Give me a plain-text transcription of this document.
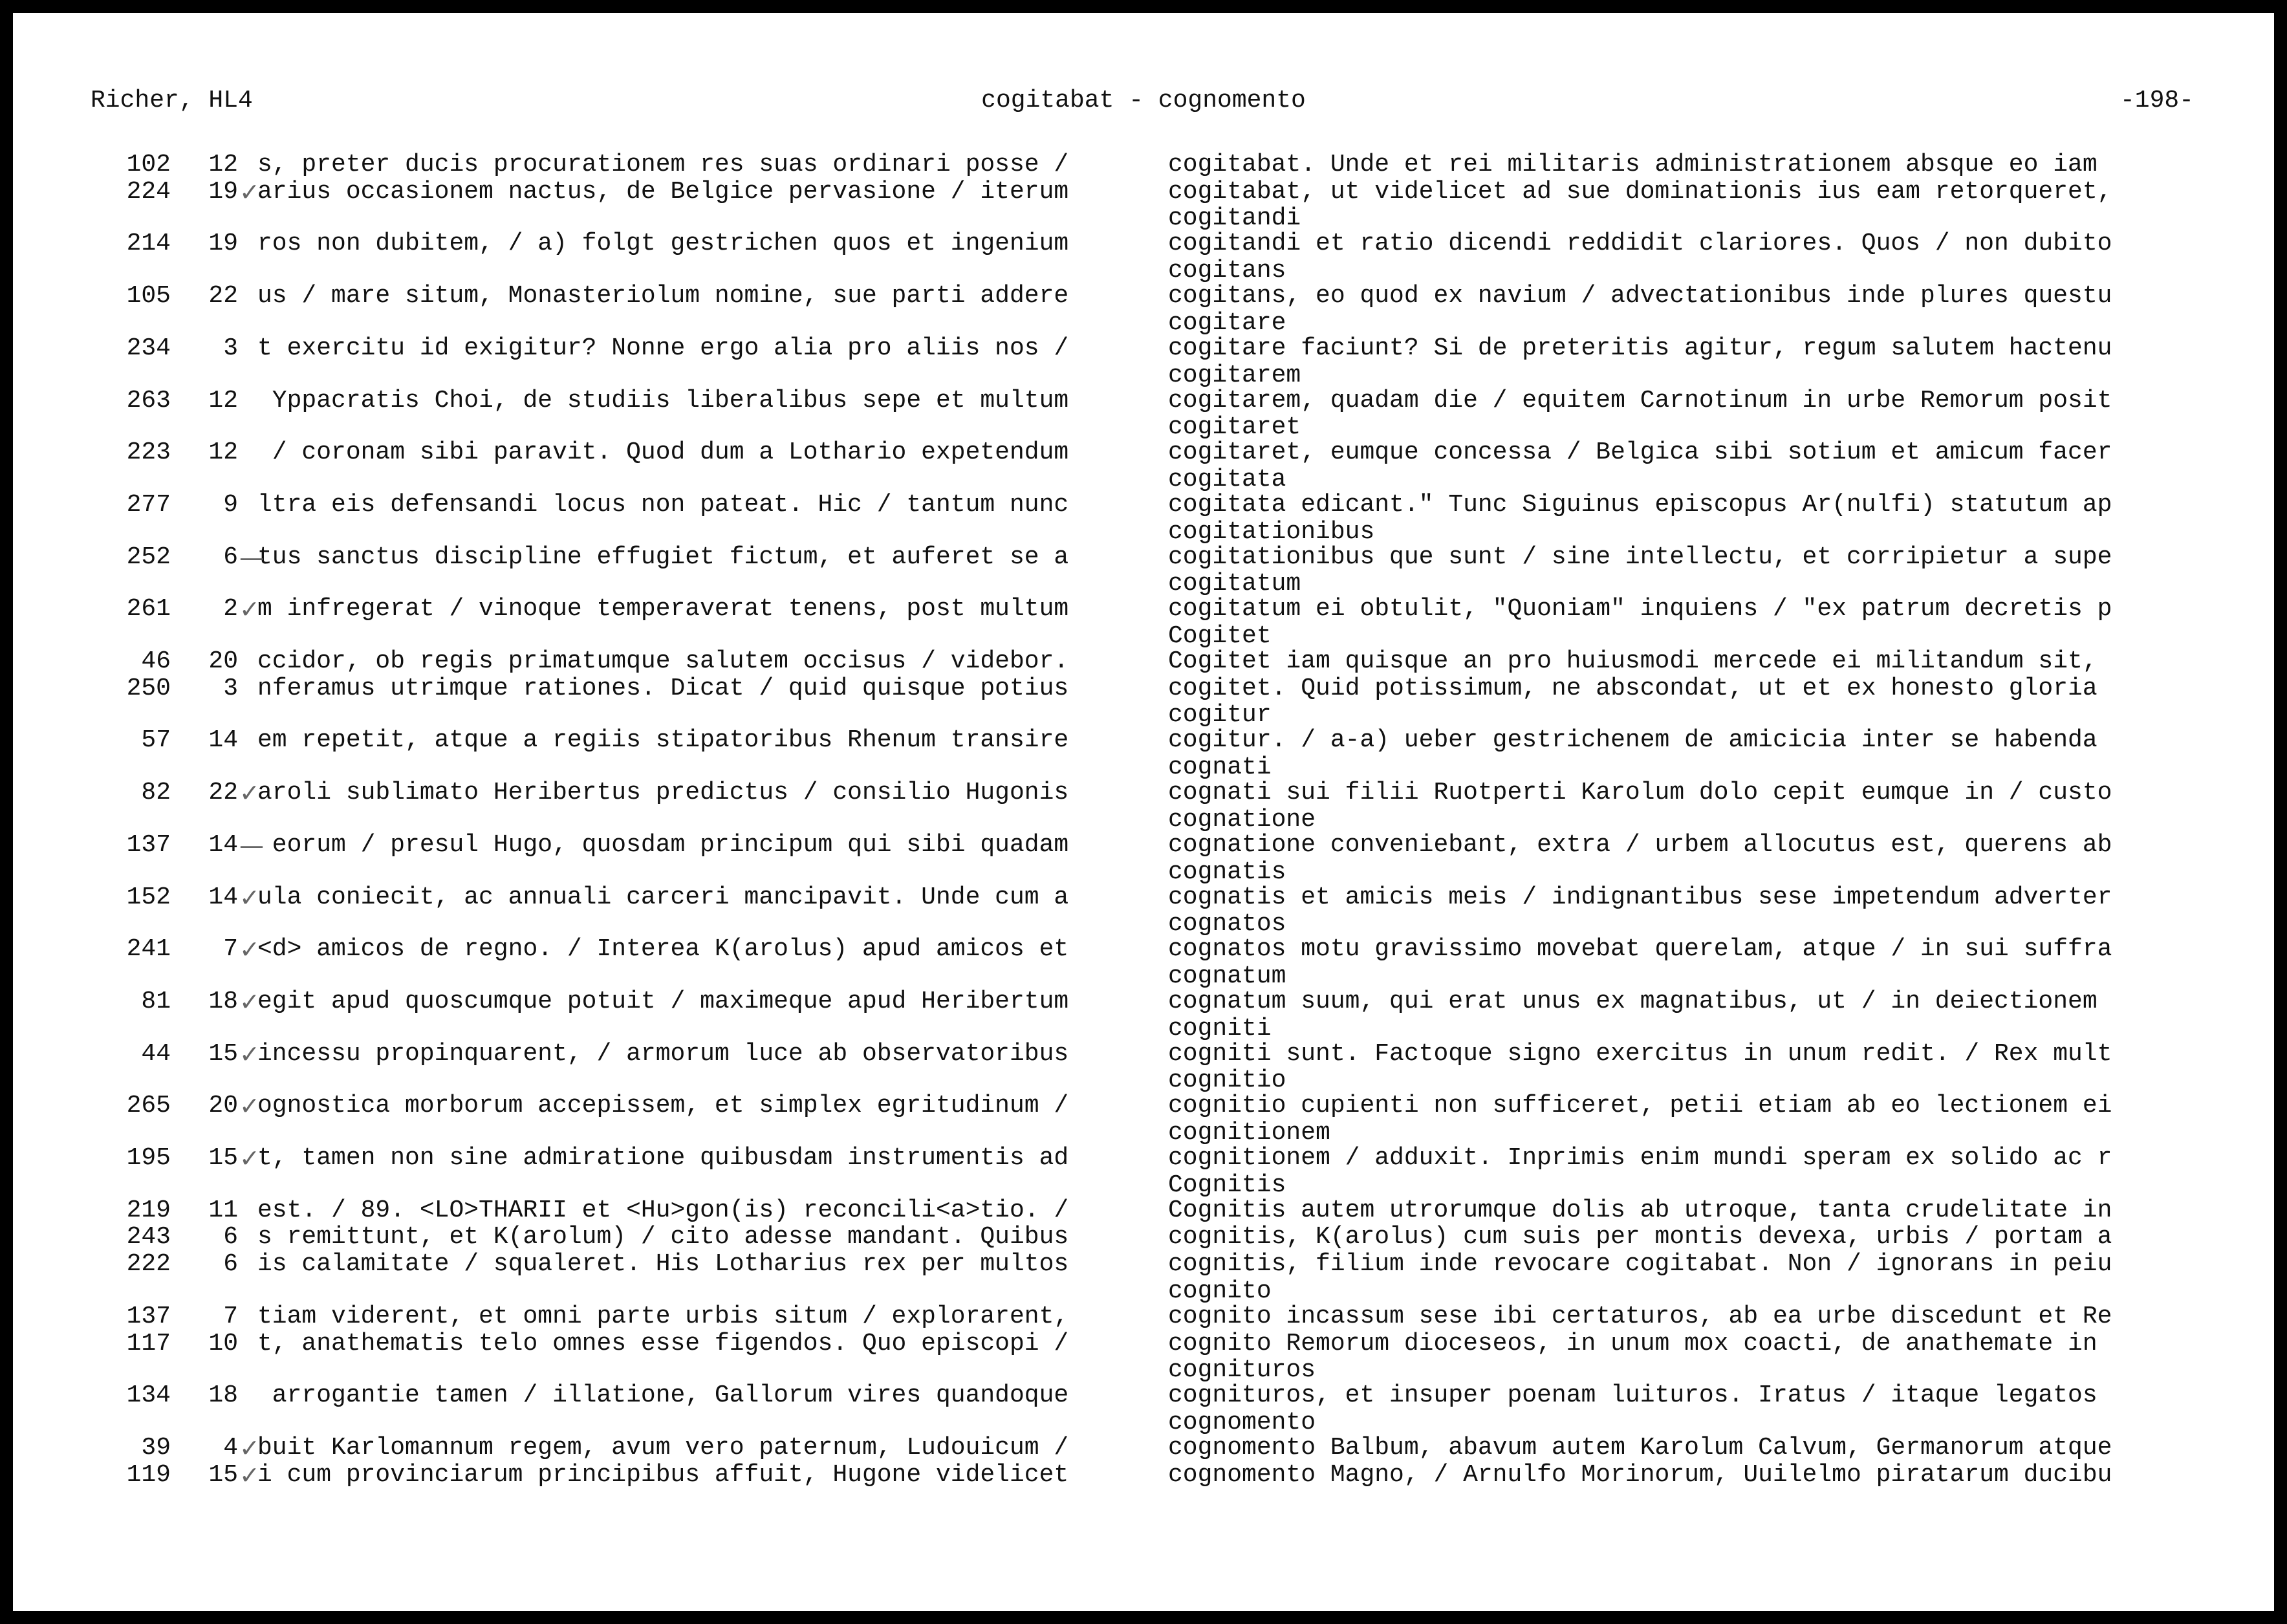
Richer, HL4	cogitabat - cognomento	-198-
102	12 s, preter ducis procurationem res suas ordinari posse /	cogitabat. Unde et rei militaris administrationem absque eo iam
224	19 arius occasionem nactus, de Belgice pervasione / iterum	cogitabat, ut videlicet ad sue dominationis ius eam retorqueret,
✓
cogitandi
214	19 ros non dubitem, / a) folgt gestrichen quos et ingenium	cogitandi et ratio dicendi reddidit clariores. Quos / non dubito
cogitans
105	22 us / mare situm, Monasteriolum nomine, sue parti addere	cogitans, eo quod ex navium / advectationibus inde plures questu
cogitare
234	3 t exercitu id exigitur? Nonne ergo alia pro aliis nos /	cogitare faciunt? Si de preteritis agitur, regum salutem hactenu
cogitarem
263	12 Yppacratis Choi, de studiis liberalibus sepe et multum	cogitarem, quadam die / equitem Carnotinum in urbe Remorum posit
cogitaret
223	12 / coronam sibi paravit. Quod dum a Lothario expetendum	cogitaret, eumque concessa / Belgica sibi sotium et amicum facer
cogitata
277	9 ltra eis defensandi locus non pateat. Hic / tantum nunc	cogitata edicant." Tunc Siguinus episcopus Ar(nulfi) statutum ap
cogitationibus
252	6 tus sanctus discipline effugiet fictum, et auferet se a	cogitationibus que sunt / sine intellectu, et corripietur a supe
—
cogitatum
261	2 m infregerat / vinoque temperaverat tenens, post multum	cogitatum ei obtulit, "Quoniam" inquiens / "ex patrum decretis p
✓
Cogitet
46	20 ccidor, ob regis primatumque salutem occisus / videbor.	Cogitet iam quisque an pro huiusmodi mercede ei militandum sit,
250	3 nferamus utrimque rationes. Dicat / quid quisque potius	cogitet. Quid potissimum, ne abscondat, ut et ex honesto gloria
cogitur
57	14 em repetit, atque a regiis stipatoribus Rhenum transire	cogitur. / a-a) ueber gestrichenem de amicicia inter se habenda
cognati
82	22 aroli sublimato Heribertus predictus / consilio Hugonis	cognati sui filii Ruotperti Karolum dolo cepit eumque in / custo
✓
cognatione
137	14 eorum / presul Hugo, quosdam principum qui sibi quadam	cognatione conveniebant, extra / urbem allocutus est, querens ab
—
cognatis
152	14 ula coniecit, ac annuali carceri mancipavit. Unde cum a	cognatis et amicis meis / indignantibus sese impetendum adverter
✓
cognatos
241	7 <d> amicos de regno. / Interea K(arolus) apud amicos et	cognatos motu gravissimo movebat querelam, atque / in sui suffra
✓
cognatum
81	18 egit apud quoscumque potuit / maximeque apud Heribertum	cognatum suum, qui erat unus ex magnatibus, ut / in deiectionem
✓
cogniti
44	15 incessu propinquarent, / armorum luce ab observatoribus	cogniti sunt. Factoque signo exercitus in unum redit. / Rex mult
✓
cognitio
265	20 ognostica morborum accepissem, et simplex egritudinum /	cognitio cupienti non sufficeret, petii etiam ab eo lectionem ei
✓
cognitionem
195	15 t, tamen non sine admiratione quibusdam instrumentis ad	cognitionem / adduxit. Inprimis enim mundi speram ex solido ac r
✓
Cognitis
219	11 est. / 89. <LO>THARII et <Hu>gon(is) reconcili<a>tio. /	Cognitis autem utrorumque dolis ab utroque, tanta crudelitate in
243	6 s remittunt, et K(arolum) / cito adesse mandant. Quibus	cognitis, K(arolus) cum suis per montis devexa, urbis / portam a
222	6 is calamitate / squaleret. His Lotharius rex per multos	cognitis, filium inde revocare cogitabat. Non / ignorans in peiu
cognito
137	7 tiam viderent, et omni parte urbis situm / explorarent,	cognito incassum sese ibi certaturos, ab ea urbe discedunt et Re
117	10 t, anathematis telo omnes esse figendos. Quo episcopi /	cognito Remorum dioceseos, in unum mox coacti, de anathemate in
cognituros
134	18 arrogantie tamen / illatione, Gallorum vires quandoque	cognituros, et insuper poenam luituros. Iratus / itaque legatos
cognomento
39	4 buit Karlomannum regem, avum vero paternum, Ludouicum /	cognomento Balbum, abavum autem Karolum Calvum, Germanorum atque
✓
119	15 i cum provinciarum principibus affuit, Hugone videlicet	cognomento Magno, / Arnulfo Morinorum, Uuilelmo piratarum ducibu
✓
